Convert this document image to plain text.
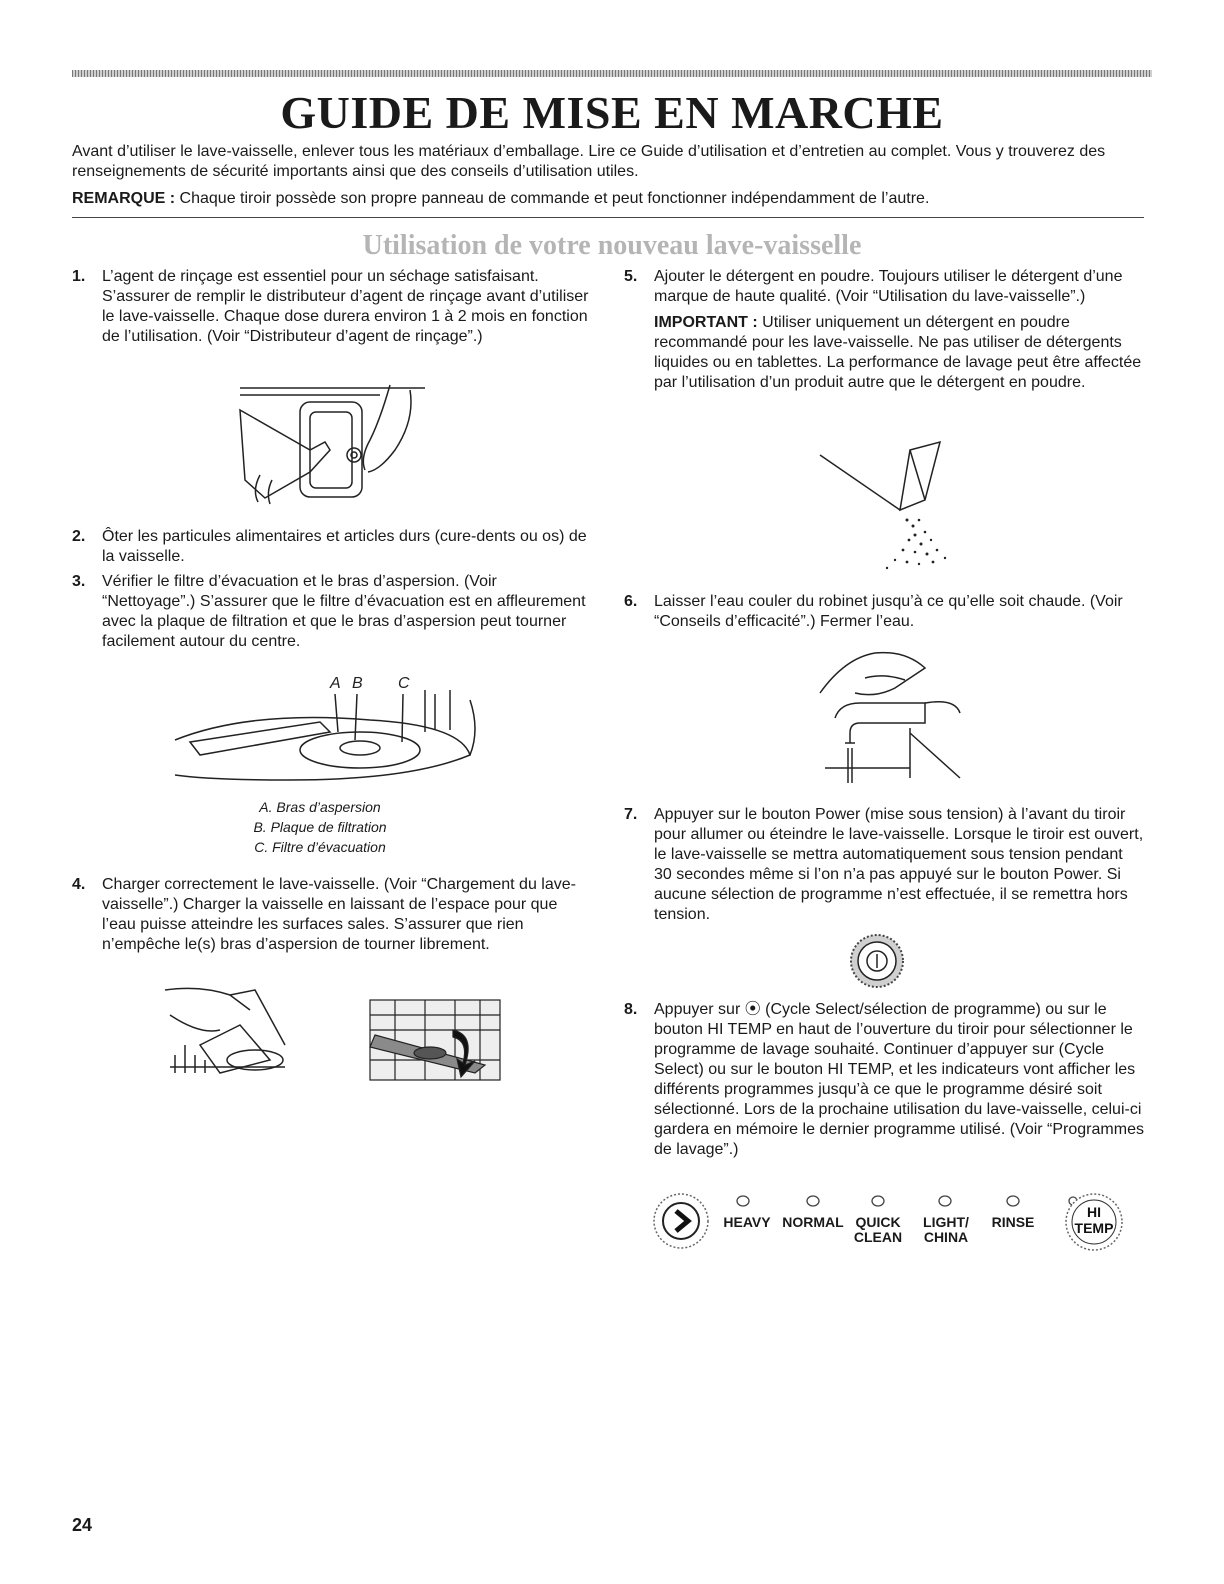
GUIDE DE MISE EN MARCHE

Avant d’utiliser le lave-vaisselle, enlever tous les matériaux d’emballage. Lire ce Guide d’utilisation et d’entretien au complet. Vous y trouverez des renseignements de sécurité importants ainsi que des conseils d’utilisation utiles.

REMARQUE : Chaque tiroir possède son propre panneau de commande et peut fonctionner indépendamment de l’autre.

Utilisation de votre nouveau lave-vaisselle
1. L’agent de rinçage est essentiel pour un séchage satisfaisant. S’assurer de remplir le distributeur d’agent de rinçage avant d’utiliser le lave-vaisselle. Chaque dose durera environ 1 à 2 mois en fonction de l’utilisation. (Voir “Distributeur d’agent de rinçage”.)

2. Ôter les particules alimentaires et articles durs (cure-dents ou os) de la vaisselle.

3. Vérifier le filtre d’évacuation et le bras d’aspersion. (Voir “Nettoyage”.) S’assurer que le filtre d’évacuation est en affleurement avec la plaque de filtration et que le bras d’aspersion peut tourner facilement autour du centre.

A B C
A. Bras d’aspersion
B. Plaque de filtration
C. Filtre d’évacuation
4. Charger correctement le lave-vaisselle. (Voir “Chargement du lave-vaisselle”.) Charger la vaisselle en laissant de l’espace pour que l’eau puisse atteindre les surfaces sales. S’assurer que rien n’empêche le(s) bras d’aspersion de tourner librement.

5. Ajouter le détergent en poudre. Toujours utiliser le détergent d’une marque de haute qualité. (Voir “Utilisation du lave-vaisselle”.)

IMPORTANT : Utiliser uniquement un détergent en poudre recommandé pour les lave-vaisselle. Ne pas utiliser de détergents liquides ou en tablettes. La performance de lavage peut être affectée par l’utilisation d’un produit autre que le détergent en poudre.

6. Laisser l’eau couler du robinet jusqu’à ce qu’elle soit chaude. (Voir “Conseils d’efficacité”.) Fermer l’eau.

7. Appuyer sur le bouton Power (mise sous tension) à l’avant du tiroir pour allumer ou éteindre le lave-vaisselle. Lorsque le tiroir est ouvert, le lave-vaisselle se mettra automatiquement sous tension pendant 30 secondes même si l’on n’a pas appuyé sur le bouton Power. Si aucune sélection de programme n’est effectuée, il se remettra hors tension.

8. Appuyer sur ⦿ (Cycle Select/sélection de programme) ou sur le bouton HI TEMP en haut de l’ouverture du tiroir pour sélectionner le programme de lavage souhaité. Continuer d’appuyer sur (Cycle Select) ou sur le bouton HI TEMP, et les indicateurs vont afficher les différents programmes jusqu’à ce que le programme désiré soit sélectionné. Lors de la prochaine utilisation du lave-vaisselle, celui-ci gardera en mémoire le dernier programme utilisé. (Voir “Programmes de lavage”.)

HEAVY NORMAL QUICK
CLEAN
LIGHT/
CHINA
RINSE
HI
TEMP
24
